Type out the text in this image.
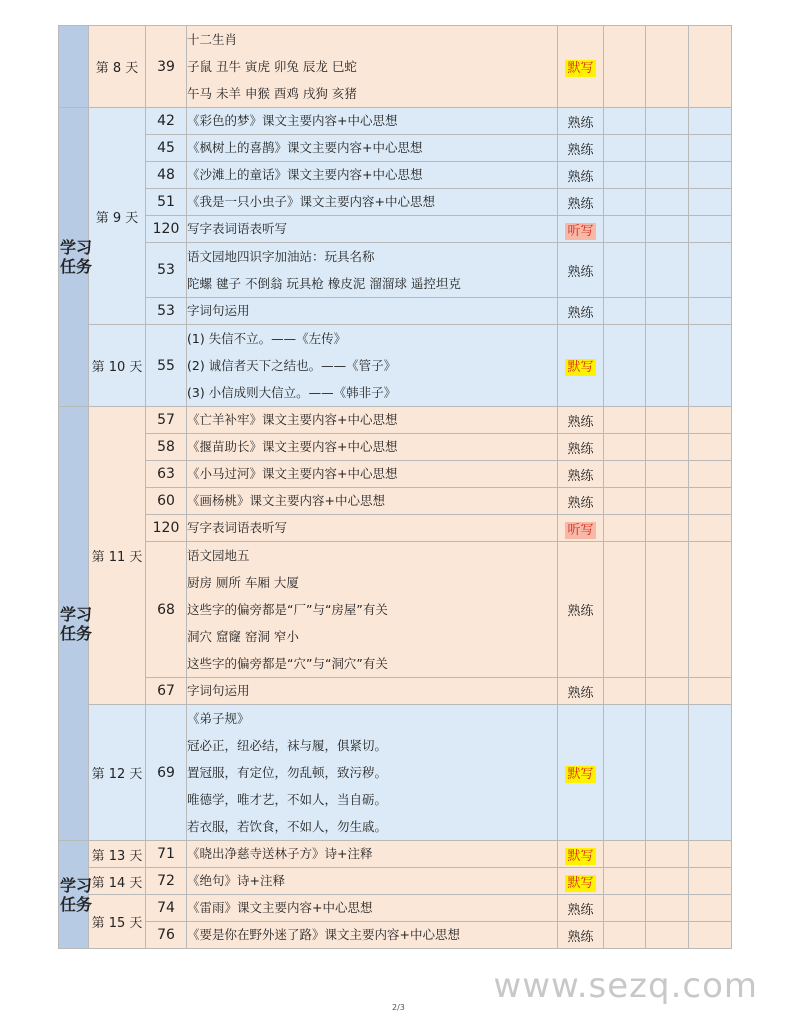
	第 8 天	39	十二生肖
子鼠 丑牛 寅虎 卯兔 辰龙 巳蛇
午马 未羊 申猴 酉鸡 戌狗 亥猪	默写			
学习任务	第 9 天	42	《彩色的梦》课文主要内容+中心思想	熟练			
		45	《枫树上的喜鹊》课文主要内容+中心思想	熟练			
		48	《沙滩上的童话》课文主要内容+中心思想	熟练			
		51	《我是一只小虫子》课文主要内容+中心思想	熟练			
		120	写字表词语表听写	听写			
		53	语文园地四识字加油站：玩具名称
陀螺 毽子 不倒翁 玩具枪 橡皮泥 溜溜球 遥控坦克	熟练			
		53	字词句运用	熟练			
	第 10 天	55	(1) 失信不立。——《左传》
(2) 诚信者天下之结也。——《管子》
(3) 小信成则大信立。——《韩非子》	默写			
学习任务	第 11 天	57	《亡羊补牢》课文主要内容+中心思想	熟练			
		58	《揠苗助长》课文主要内容+中心思想	熟练			
		63	《小马过河》课文主要内容+中心思想	熟练			
		60	《画杨桃》课文主要内容+中心思想	熟练			
		120	写字表词语表听写	听写			
		68	语文园地五
厨房 厕所 车厢 大厦
这些字的偏旁都是“厂”与“房屋”有关
洞穴 窟窿 窑洞 窄小
这些字的偏旁都是“穴”与“洞穴”有关	熟练			
		67	字词句运用	熟练			
	第 12 天	69	《弟子规》
冠必正，纽必结，袜与履，俱紧切。
置冠服，有定位，勿乱顿，致污秽。
唯德学，唯才艺，不如人，当自砺。
若衣服，若饮食，不如人，勿生戚。	默写			
学习任务	第 13 天	71	《晓出净慈寺送林子方》诗+注释	默写			
	第 14 天	72	《绝句》诗+注释	默写			
	第 15 天	74	《雷雨》课文主要内容+中心思想	熟练			
		76	《要是你在野外迷了路》课文主要内容+中心思想	熟练			
2/3
www.sezq.com
